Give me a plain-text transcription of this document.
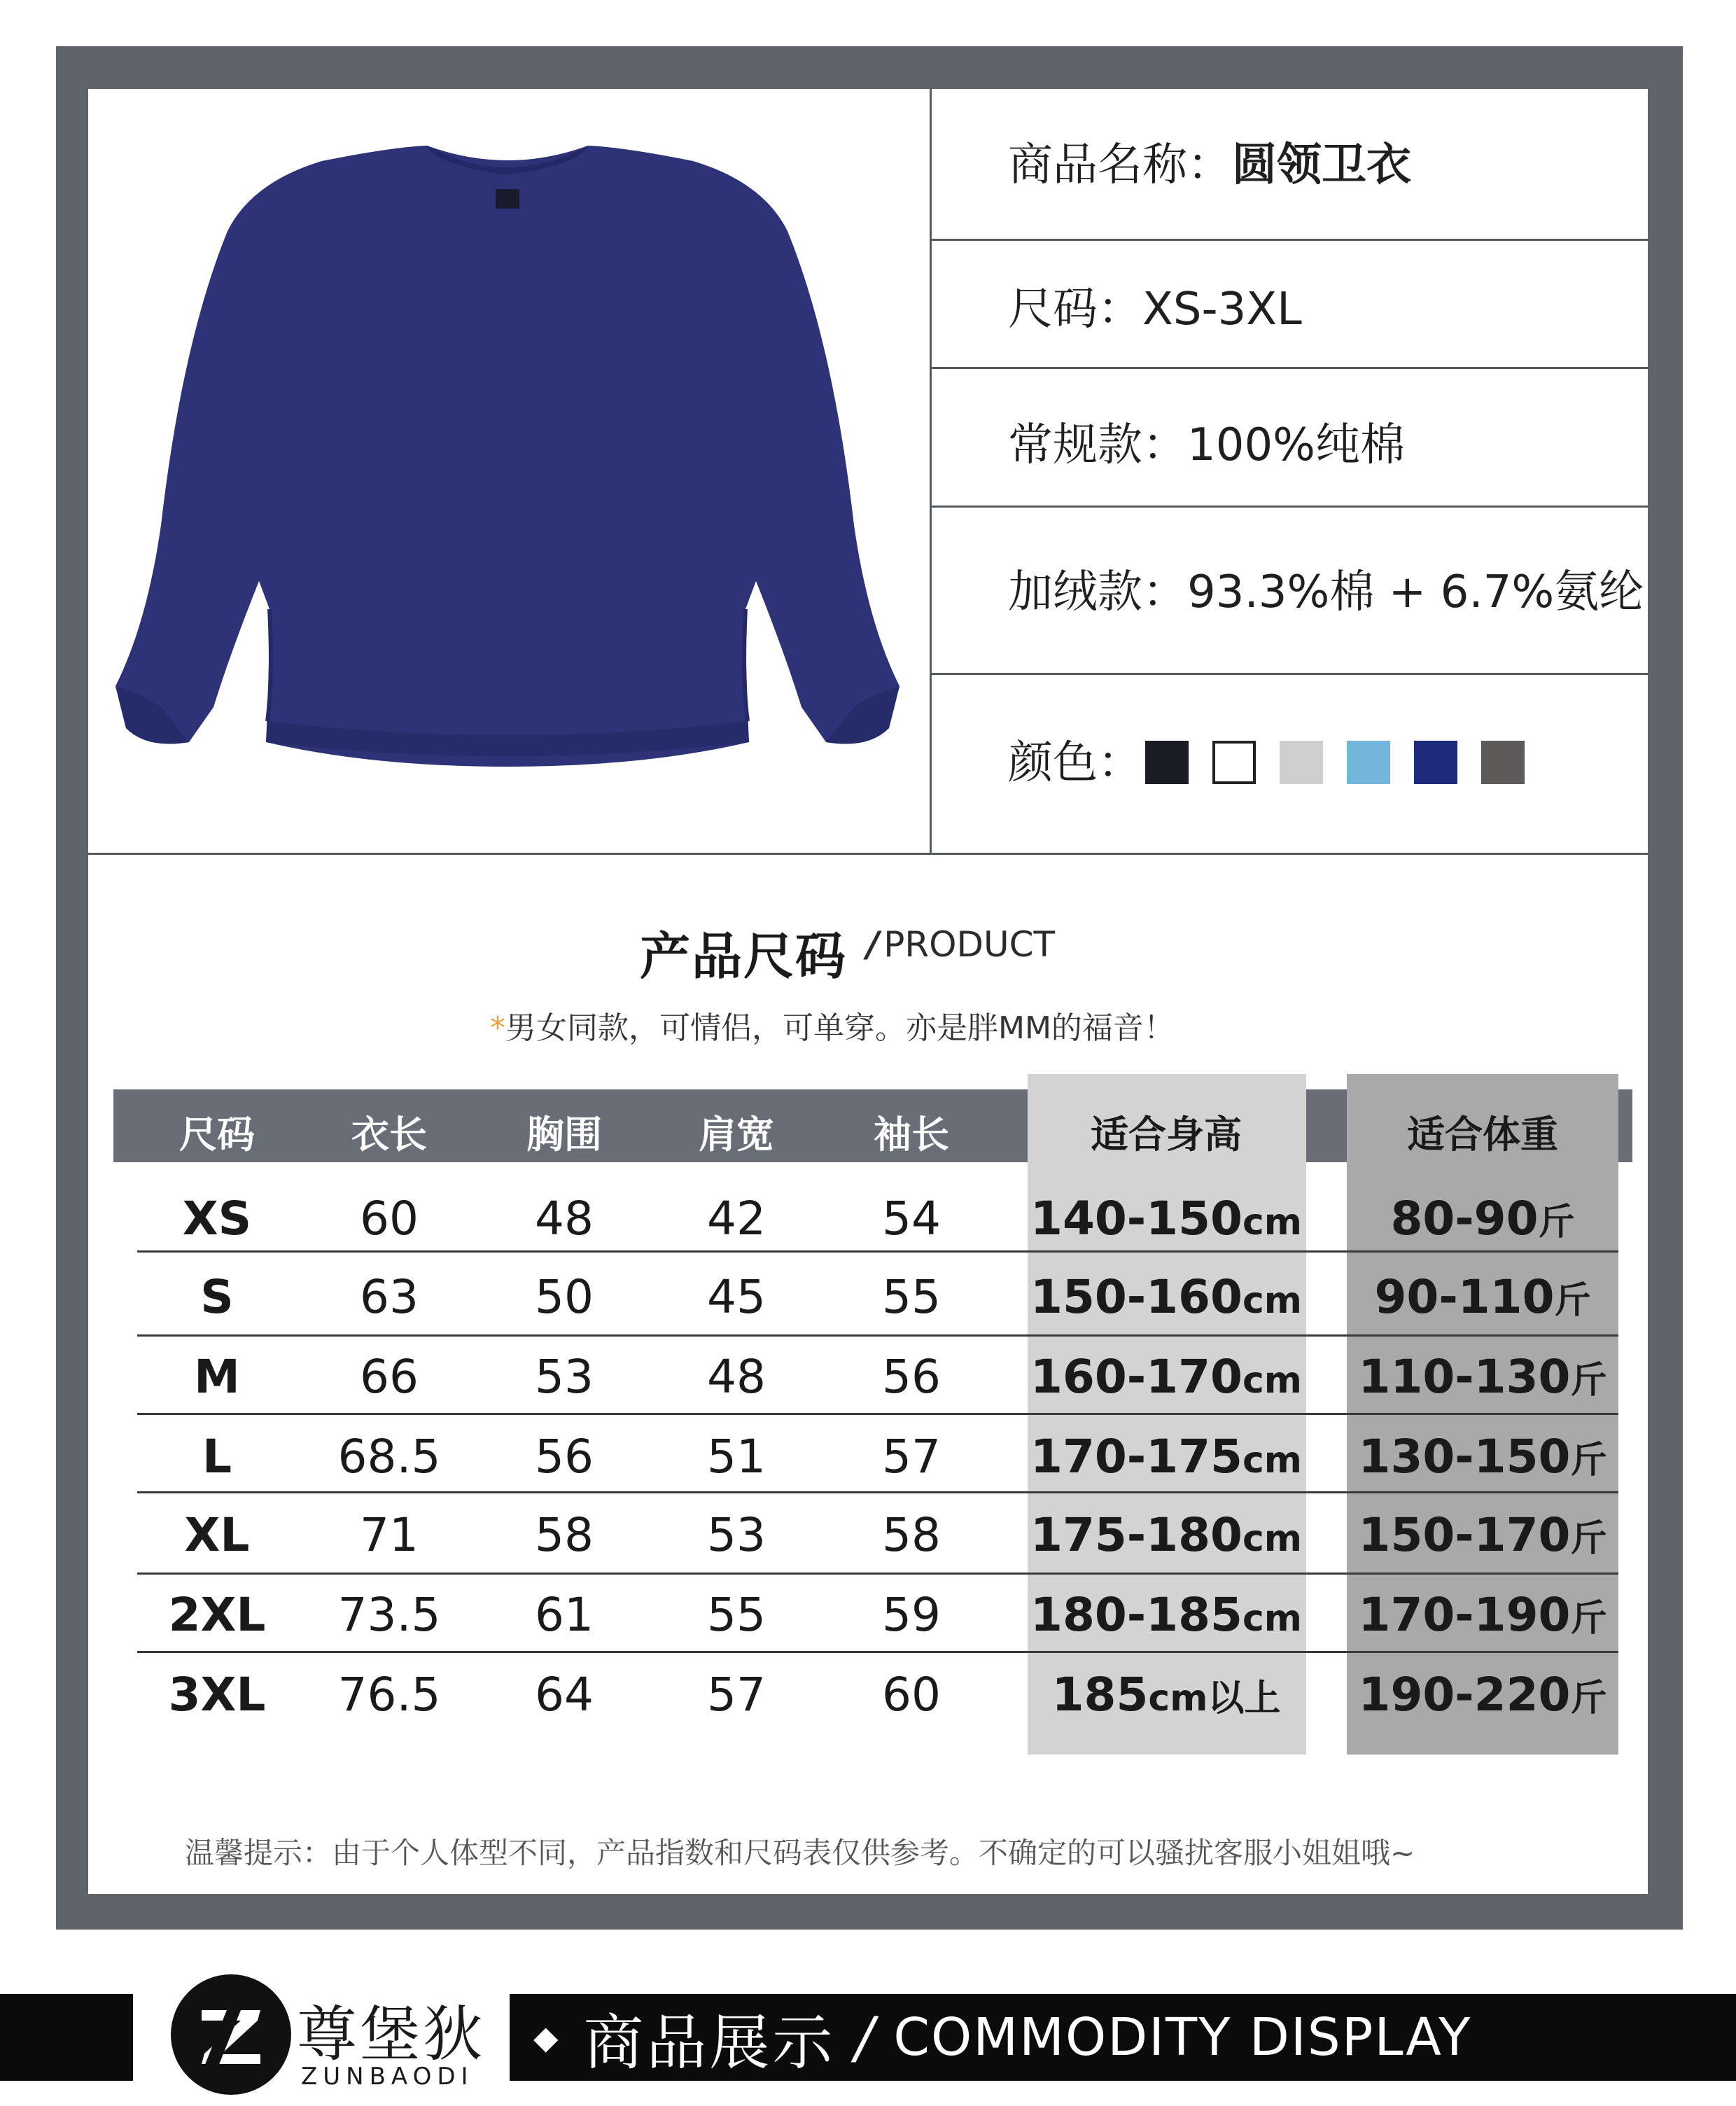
商品名称：圆领卫衣
尺码：XS-3XL
常规款：100%纯棉
加绒款：93.3%棉 + 6.7%氨纶
颜色：
产品尺码 / PRODUCT
*男女同款，可情侣，可单穿。亦是胖MM的福音！
尺码	衣长	胸围	肩宽	袖长	适合身高	适合体重
XS	60	48	42	54	140-150cm	80-90斤
S	63	50	45	55	150-160cm	90-110斤
M	66	53	48	56	160-170cm	110-130斤
L	68.5	56	51	57	170-175cm	130-150斤
XL	71	58	53	58	175-180cm	150-170斤
2XL	73.5	61	55	59	180-185cm	170-190斤
3XL	76.5	64	57	60	185cm以上	190-220斤
温馨提示：由于个人体型不同，产品指数和尺码表仅供参考。不确定的可以骚扰客服小姐姐哦~
尊堡狄
ZUNBAODI
◆ 商品展示 / COMMODITY DISPLAY
